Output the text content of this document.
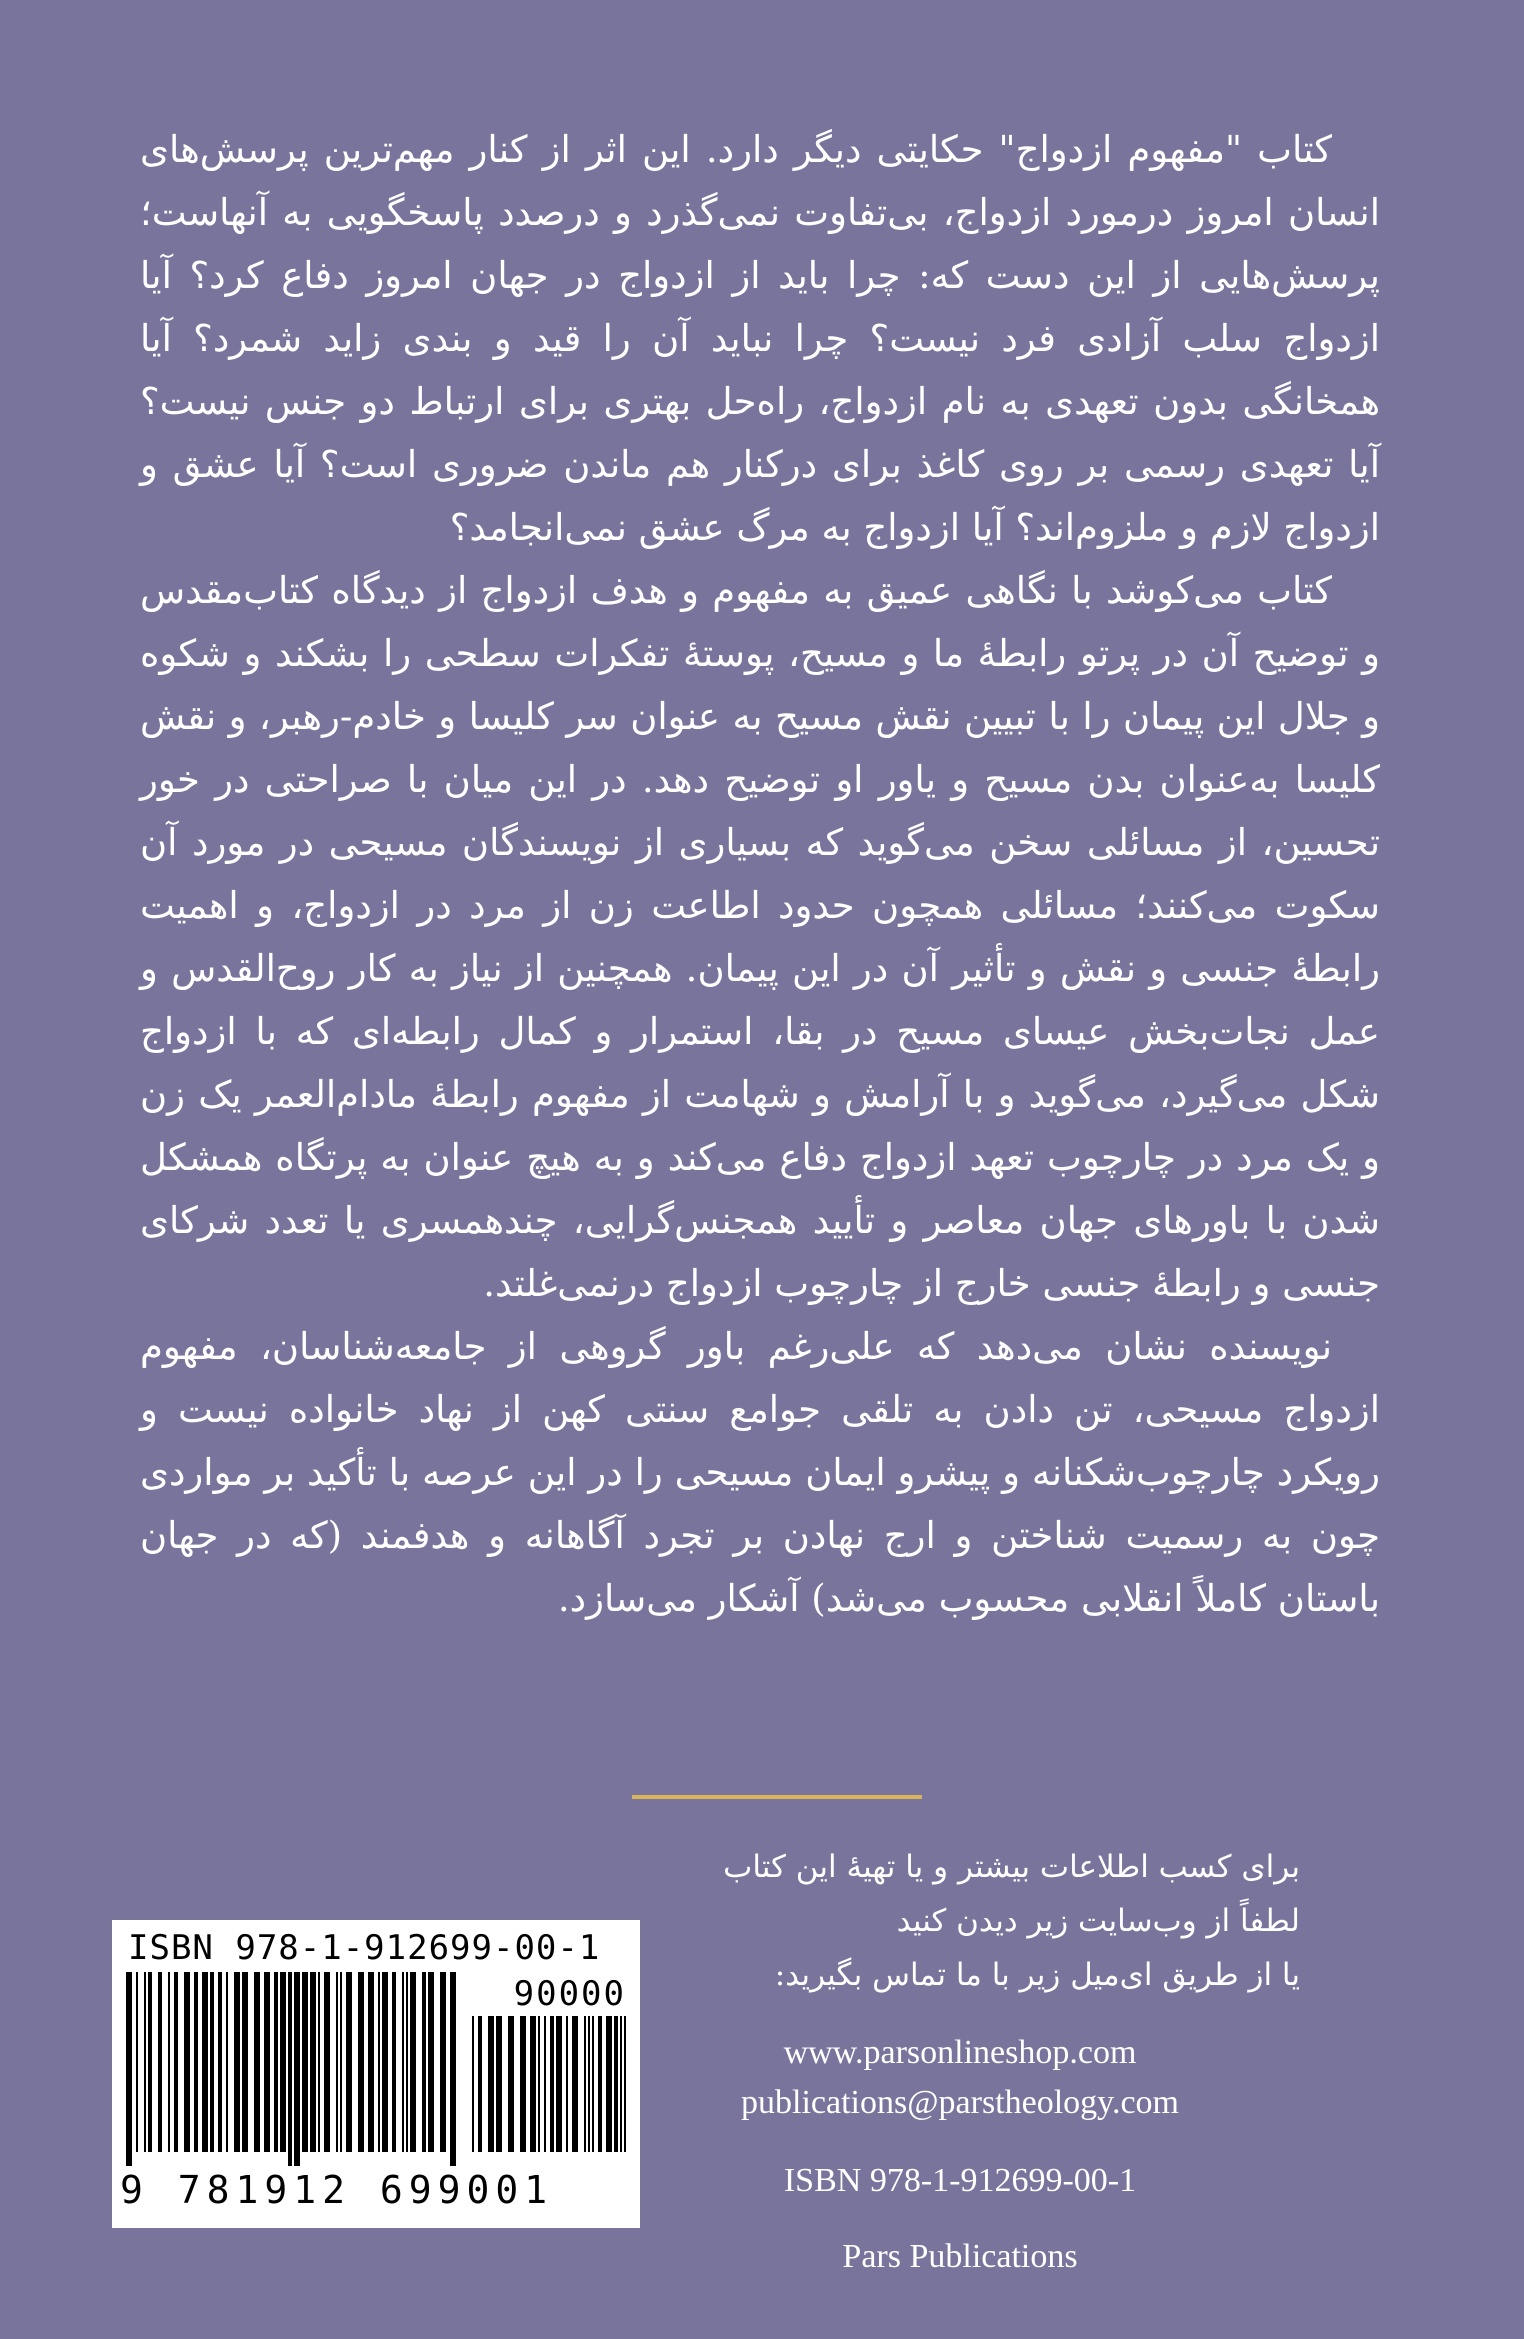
کتاب "مفهوم ازدواج" حکایتی دیگر دارد. این اثر از کنار مهم‌ترین پرسش‌های انسان امروز درمورد ازدواج، بی‌تفاوت نمی‌گذرد و درصدد پاسخگویی به آنهاست؛ پرسش‌هایی از این دست که: چرا باید از ازدواج در جهان امروز دفاع کرد؟ آیا ازدواج سلب آزادی فرد نیست؟ چرا نباید آن را قید و بندی زاید شمرد؟ آیا همخانگی بدون تعهدی به نام ازدواج، راه‌حل بهتری برای ارتباط دو جنس نیست؟ آیا تعهدی رسمی بر روی کاغذ برای درکنار هم ماندن ضروری است؟ آیا عشق و ازدواج لازم و ملزوم‌اند؟ آیا ازدواج به مرگ عشق نمی‌انجامد؟

کتاب می‌کوشد با نگاهی عمیق به مفهوم و هدف ازدواج از دیدگاه کتاب‌مقدس و توضیح آن در پرتو رابطهٔ ما و مسیح، پوستهٔ تفکرات سطحی را بشکند و شکوه و جلال این پیمان را با تبیین نقش مسیح به عنوان سر کلیسا و خادم-رهبر، و نقش کلیسا به‌عنوان بدن مسیح و یاور او توضیح دهد. در این میان با صراحتی در خور تحسین، از مسائلی سخن می‌گوید که بسیاری از نویسندگان مسیحی در مورد آن سکوت می‌کنند؛ مسائلی همچون حدود اطاعت زن از مرد در ازدواج، و اهمیت رابطهٔ جنسی و نقش و تأثیر آن در این پیمان. همچنین از نیاز به کار روح‌القدس و عمل نجات‌بخش عیسای مسیح در بقا، استمرار و کمال رابطه‌ای که با ازدواج شکل می‌گیرد، می‌گوید و با آرامش و شهامت از مفهوم رابطهٔ مادام‌العمر یک زن و یک مرد در چارچوب تعهد ازدواج دفاع می‌کند و به هیچ عنوان به پرتگاه همشکل شدن با باورهای جهان معاصر و تأیید همجنس‌گرایی، چندهمسری یا تعدد شرکای جنسی و رابطهٔ جنسی خارج از چارچوب ازدواج درنمی‌غلتد.

نویسنده نشان می‌دهد که علی‌رغم باور گروهی از جامعه‌شناسان، مفهوم ازدواج مسیحی، تن دادن به تلقی جوامع سنتی کهن از نهاد خانواده نیست و رویکرد چارچوب‌شکنانه و پیشرو ایمان مسیحی را در این عرصه با تأکید بر مواردی چون به رسمیت شناختن و ارج نهادن بر تجرد آگاهانه و هدفمند (که در جهان باستان کاملاً انقلابی محسوب می‌شد) آشکار می‌سازد.

برای کسب اطلاعات بیشتر و یا تهیهٔ این کتاب
لطفاً از وب‌سایت زیر دیدن کنید
یا از طریق ای‌میل زیر با ما تماس بگیرید:
www.parsonlineshop.com
publications@parstheology.com
ISBN 978-1-912699-00-1
Pars Publications
ISBN 978-1-912699-00-1
90000
9 781912 699001
